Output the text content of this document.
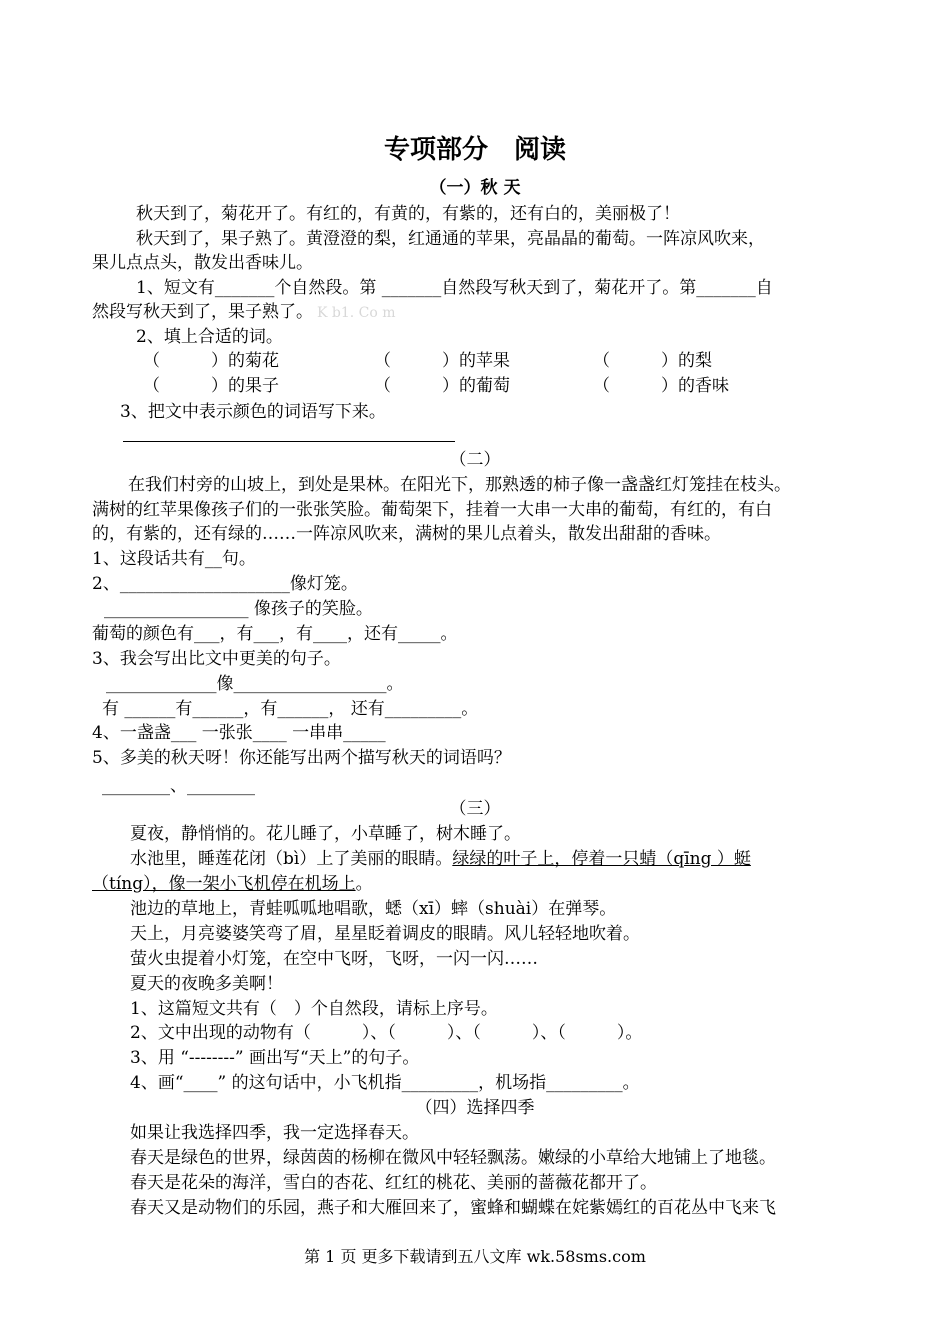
专项部分　阅读
（一）秋 天
秋天到了，菊花开了。有红的，有黄的，有紫的，还有白的，美丽极了！
秋天到了，果子熟了。黄澄澄的梨，红通通的苹果，亮晶晶的葡萄。一阵凉风吹来，
果儿点点头，散发出香味儿。
1、短文有_______个自然段。第 _______自然段写秋天到了，菊花开了。第_______自
然段写秋天到了，果子熟了。 K b1. Co m
2、填上合适的词。
（　　　）的菊花	（　　　）的苹果	（　　　）的梨
（　　　）的果子	（　　　）的葡萄	（　　　）的香味
3、把文中表示颜色的词语写下来。
（二）
在我们村旁的山坡上，到处是果林。在阳光下，那熟透的柿子像一盏盏红灯笼挂在枝头。
满树的红苹果像孩子们的一张张笑脸。葡萄架下，挂着一大串一大串的葡萄，有红的，有白
的，有紫的，还有绿的……一阵凉风吹来，满树的果儿点着头，散发出甜甜的香味。
1、这段话共有__句。
2、____________________像灯笼。
_________________ 像孩子的笑脸。
葡萄的颜色有___，有___，有____，还有_____。
3、我会写出比文中更美的句子。
_____________像__________________。
有 ______有______，有______， 还有_________。
4、一盏盏___ 一张张____ 一串串_____
5、多美的秋天呀！你还能写出两个描写秋天的词语吗？
________、________
（三）
夏夜，静悄悄的。花儿睡了，小草睡了，树木睡了。
水池里，睡莲花闭（bì）上了美丽的眼睛。绿绿的叶子上，停着一只蜻（qīng ）蜓
（tíng），像一架小飞机停在机场上。
池边的草地上，青蛙呱呱地唱歌，蟋（xī）蟀（shuài）在弹琴。
天上，月亮婆婆笑弯了眉，星星眨着调皮的眼睛。风儿轻轻地吹着。
萤火虫提着小灯笼，在空中飞呀，飞呀，一闪一闪……
夏天的夜晚多美啊！
1、这篇短文共有（　）个自然段，请标上序号。
2、文中出现的动物有（　　　）、（　　　）、（　　　）、（　　　）。
3、用 “--------” 画出写“天上”的句子。
4、画“____” 的这句话中，小飞机指_________，机场指_________。
（四）选择四季
如果让我选择四季，我一定选择春天。
春天是绿色的世界，绿茵茵的杨柳在微风中轻轻飘荡。嫩绿的小草给大地铺上了地毯。
春天是花朵的海洋，雪白的杏花、红红的桃花、美丽的蔷薇花都开了。
春天又是动物们的乐园，燕子和大雁回来了，蜜蜂和蝴蝶在姹紫嫣红的百花丛中飞来飞
第 1 页 更多下载请到五八文库 wk.58sms.com
